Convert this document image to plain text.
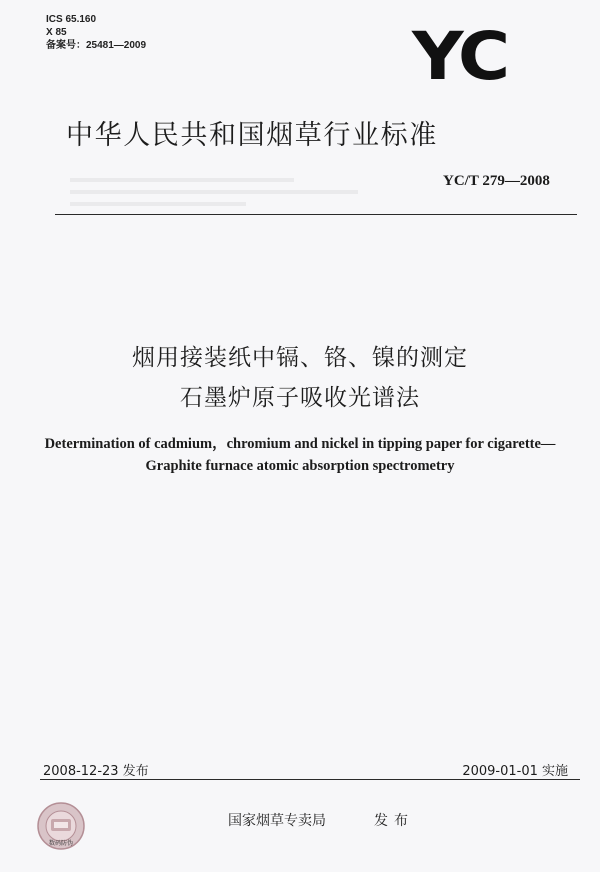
ICS 65.160
X 85
备案号：25481—2009	YC
中华人民共和国烟草行业标准
YC/T 279—2008
烟用接装纸中镉、铬、镍的测定
石墨炉原子吸收光谱法
Determination of cadmium，chromium and nickel in tipping paper for cigarette—
Graphite furnace atomic absorption spectrometry
2008-12-23 发布	2009-01-01 实施
数码防伪
国家烟草专卖局	发布
